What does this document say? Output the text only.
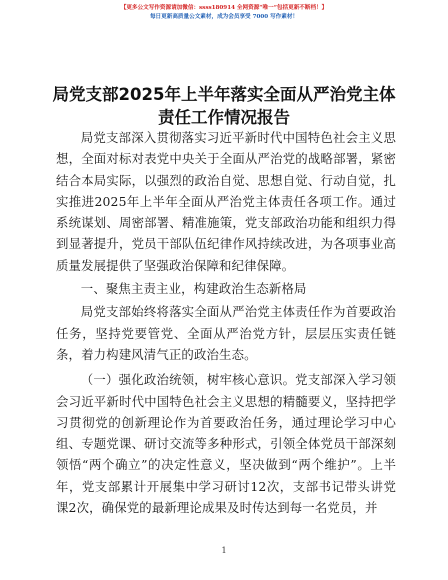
【更多公文写作资源请加微信：ssss180914 全网资源“唯一”包括更新不断档！】
每日更新高质量公文素材，成为会员享受 7000 写作素材！
局党支部2025年上半年落实全面从严治党主体
责任工作情况报告

局党支部深入贯彻落实习近平新时代中国特色社会主义思想，全面对标对表党中央关于全面从严治党的战略部署，紧密结合本局实际，以强烈的政治自觉、思想自觉、行动自觉，扎实推进2025年上半年全面从严治党主体责任各项工作。通过系统谋划、周密部署、精准施策，党支部政治功能和组织力得到显著提升，党员干部队伍纪律作风持续改进，为各项事业高质量发展提供了坚强政治保障和纪律保障。

一、聚焦主责主业，构建政治生态新格局

局党支部始终将落实全面从严治党主体责任作为首要政治任务，坚持党要管党、全面从严治党方针，层层压实责任链条，着力构建风清气正的政治生态。

（一）强化政治统领，树牢核心意识。党支部深入学习领会习近平新时代中国特色社会主义思想的精髓要义，坚持把学习贯彻党的创新理论作为首要政治任务，通过理论学习中心组、专题党课、研讨交流等多种形式，引领全体党员干部深刻领悟“两个确立”的决定性意义，坚决做到“两个维护”。上半年，党支部累计开展集中学习研讨12次，支部书记带头讲党课2次，确保党的最新理论成果及时传达到每一名党员，并

1
